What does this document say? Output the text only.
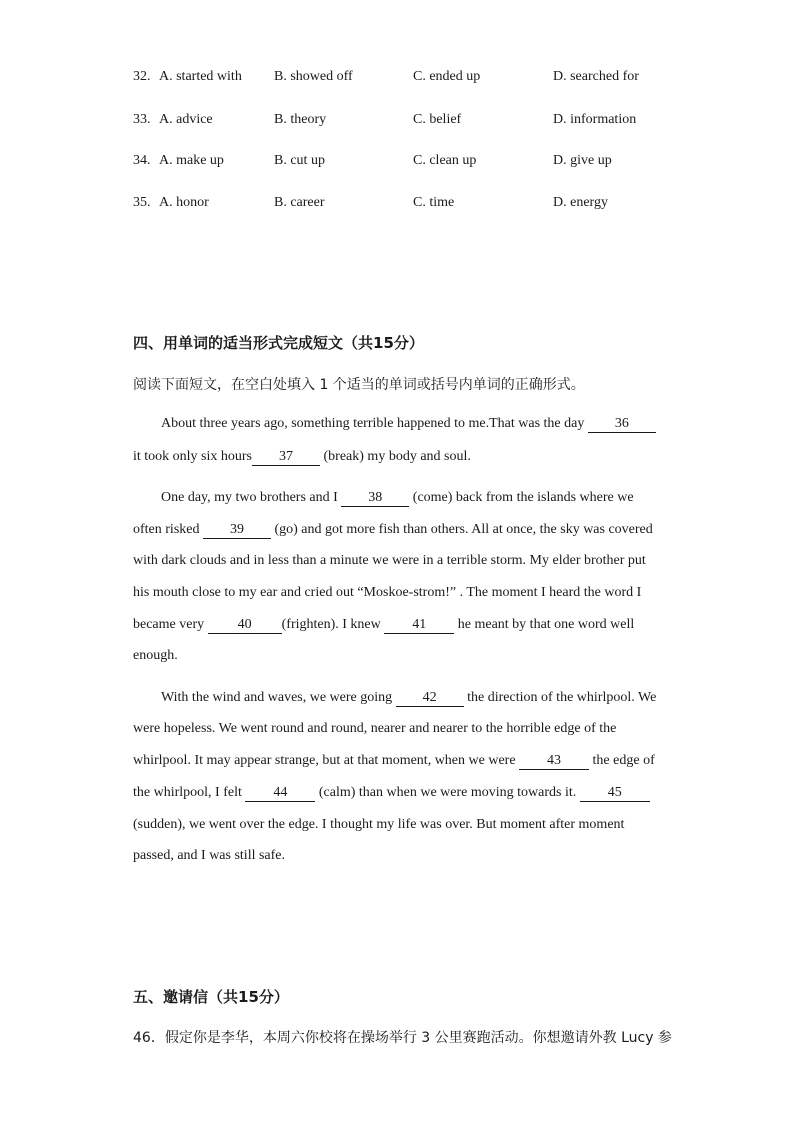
32. A. started with B. showed off	C. ended up	D. searched for
33. A. advice	B. theory	C. belief	D. information
34. A. make up	B. cut up	C. clean up	D. give up
35. A. honor	B. career	C. time	D. energy
四、用单词的适当形式完成短文（共15分）
阅读下面短文，在空白处填入 1 个适当的单词或括号内单词的正确形式。
About three years ago, something terrible happened to me.That was the day 36
it took only six hours 37 (break) my body and soul.
One day, my two brothers and I 38 (come) back from the islands where we
often risked 39 (go) and got more fish than others. All at once, the sky was covered
with dark clouds and in less than a minute we were in a terrible storm. My elder brother put
his mouth close to my ear and cried out “Moskoe-strom!” . The moment I heard the word I
became very 40 (frighten). I knew 41 he meant by that one word well
enough.
With the wind and waves, we were going 42 the direction of the whirlpool. We
were hopeless. We went round and round, nearer and nearer to the horrible edge of the
whirlpool. It may appear strange, but at that moment, when we were 43 the edge of
the whirlpool, I felt 44 (calm) than when we were moving towards it. 45
(sudden), we went over the edge. I thought my life was over. But moment after moment
passed, and I was still safe.
五、邀请信（共15分）
46．假定你是李华，本周六你校将在操场举行 3 公里赛跑活动。你想邀请外教 Lucy 参
